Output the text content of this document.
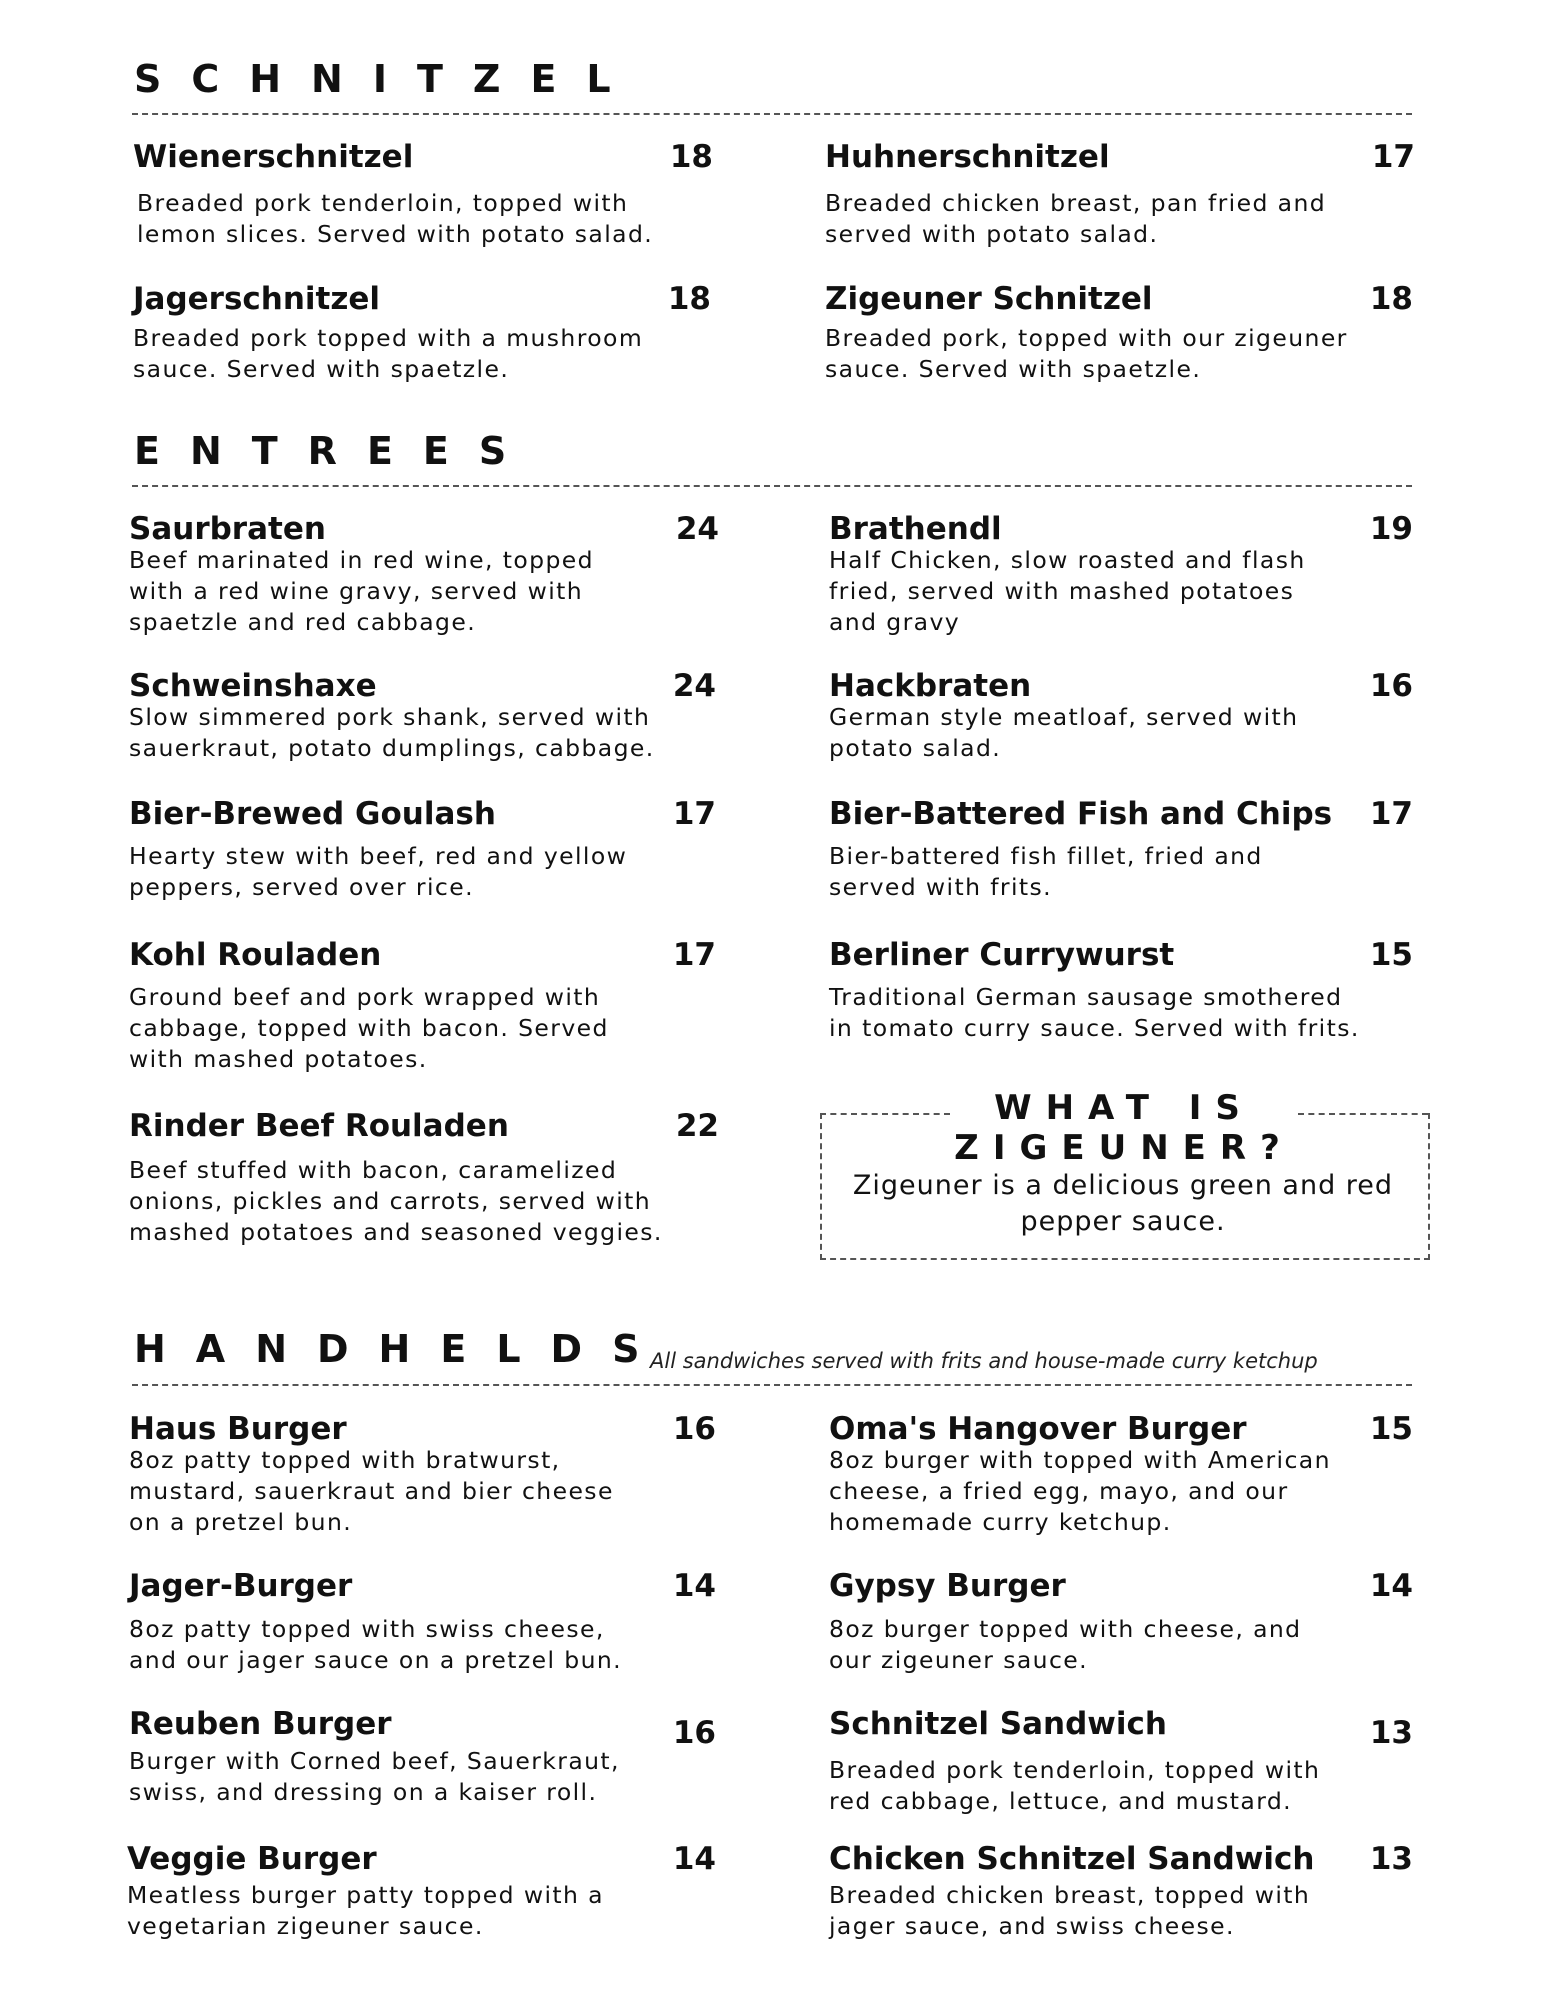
SCHNITZEL
Wienerschnitzel	18

Breaded pork tenderloin, topped with
lemon slices. Served with potato salad.

Huhnerschnitzel	17

Breaded chicken breast, pan fried and
served with potato salad.

Jagerschnitzel	18

Breaded pork topped with a mushroom
sauce. Served with spaetzle.

Zigeuner Schnitzel	18

Breaded pork, topped with our zigeuner
sauce. Served with spaetzle.

ENTREES
Saurbraten	24

Beef marinated in red wine, topped
with a red wine gravy, served with
spaetzle and red cabbage.

Brathendl	19

Half Chicken, slow roasted and flash
fried, served with mashed potatoes
and gravy

Schweinshaxe	24

Slow simmered pork shank, served with
sauerkraut, potato dumplings, cabbage.

Hackbraten	16

German style meatloaf, served with
potato salad.

Bier-Brewed Goulash	17

Hearty stew with beef, red and yellow
peppers, served over rice.

Bier-Battered Fish and Chips 17

Bier-battered fish fillet, fried and
served with frits.

Kohl Rouladen	17

Ground beef and pork wrapped with
cabbage, topped with bacon. Served
with mashed potatoes.

Berliner Currywurst	15

Traditional German sausage smothered
in tomato curry sauce. Served with frits.

Rinder Beef Rouladen	22

Beef stuffed with bacon, caramelized
onions, pickles and carrots, served with
mashed potatoes and seasoned veggies.

WHAT IS ZIGEUNER?

Zigeuner is a delicious green and red pepper sauce.

HANDHELDS
All sandwiches served with frits and house-made curry ketchup
Haus Burger	16

8oz patty topped with bratwurst,
mustard, sauerkraut and bier cheese
on a pretzel bun.

Oma's Hangover Burger	15

8oz burger with topped with American
cheese, a fried egg, mayo, and our
homemade curry ketchup.

Jager-Burger	14

8oz patty topped with swiss cheese,
and our jager sauce on a pretzel bun.

Gypsy Burger	14

8oz burger topped with cheese, and
our zigeuner sauce.

Reuben Burger	16

Burger with Corned beef, Sauerkraut,
swiss, and dressing on a kaiser roll.

Schnitzel Sandwich	13

Breaded pork tenderloin, topped with
red cabbage, lettuce, and mustard.

Veggie Burger	14

Meatless burger patty topped with a
vegetarian zigeuner sauce.

Chicken Schnitzel Sandwich 13

Breaded chicken breast, topped with
jager sauce, and swiss cheese.
